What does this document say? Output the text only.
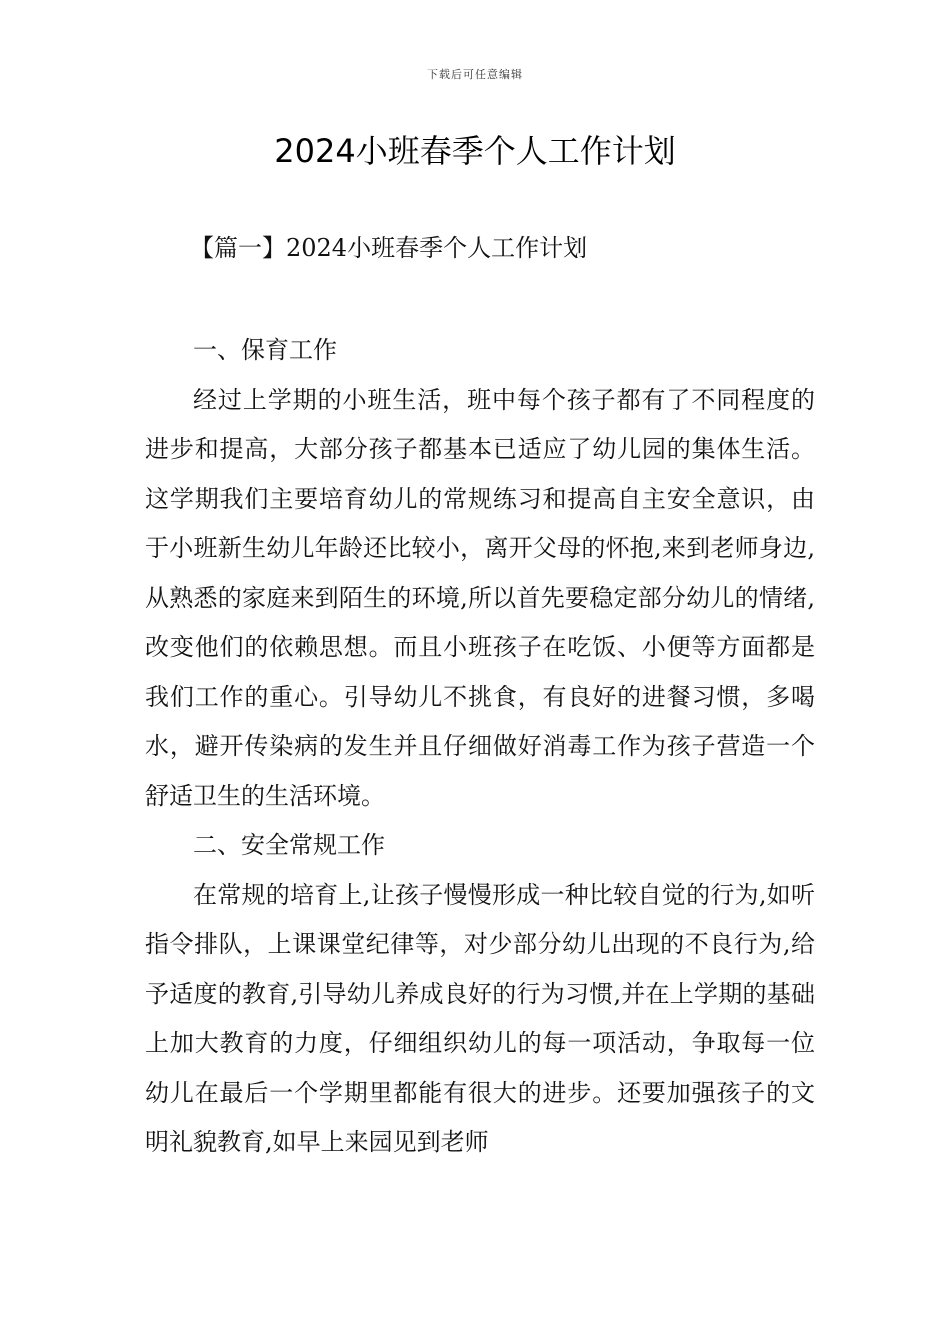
下载后可任意编辑
2024小班春季个人工作计划
【篇一】2024小班春季个人工作计划

一、保育工作

经过上学期的小班生活，班中每个孩子都有了不同程度的进步和提高，大部分孩子都基本已适应了幼儿园的集体生活。这学期我们主要培育幼儿的常规练习和提高自主安全意识，由于小班新生幼儿年龄还比较小，离开父母的怀抱,来到老师身边,从熟悉的家庭来到陌生的环境,所以首先要稳定部分幼儿的情绪,改变他们的依赖思想。而且小班孩子在吃饭、小便等方面都是我们工作的重心。引导幼儿不挑食，有良好的进餐习惯，多喝水，避开传染病的发生并且仔细做好消毒工作为孩子营造一个舒适卫生的生活环境。

二、安全常规工作

在常规的培育上,让孩子慢慢形成一种比较自觉的行为,如听指令排队，上课课堂纪律等，对少部分幼儿出现的不良行为,给予适度的教育,引导幼儿养成良好的行为习惯,并在上学期的基础上加大教育的力度，仔细组织幼儿的每一项活动，争取每一位幼儿在最后一个学期里都能有很大的进步。还要加强孩子的文明礼貌教育,如早上来园见到老师
